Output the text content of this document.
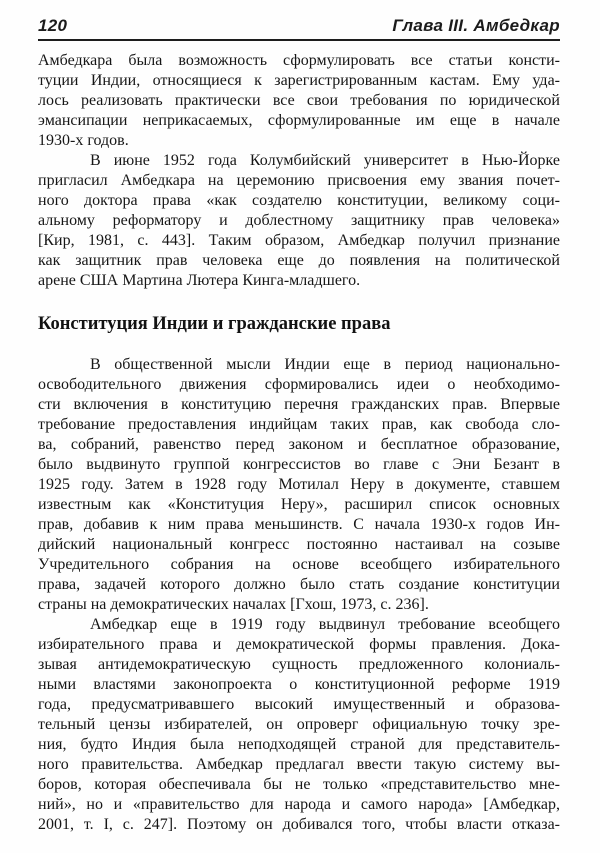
120	Глава III. Амбедкар
Амбедкара была возможность сформулировать все статьи консти-
туции Индии, относящиеся к зарегистрированным кастам. Ему уда-
лось реализовать практически все свои требования по юридической
эмансипации неприкасаемых, сформулированные им еще в начале
1930-х годов.
В июне 1952 года Колумбийский университет в Нью-Йорке
пригласил Амбедкара на церемонию присвоения ему звания почет-
ного доктора права «как создателю конституции, великому соци-
альному реформатору и доблестному защитнику прав человека»
[Кир, 1981, с. 443]. Таким образом, Амбедкар получил признание
как защитник прав человека еще до появления на политической
арене США Мартина Лютера Кинга-младшего.
Конституция Индии и гражданские права
В общественной мысли Индии еще в период национально-
освободительного движения сформировались идеи о необходимо-
сти включения в конституцию перечня гражданских прав. Впервые
требование предоставления индийцам таких прав, как свобода сло-
ва, собраний, равенство перед законом и бесплатное образование,
было выдвинуто группой конгрессистов во главе с Эни Безант в
1925 году. Затем в 1928 году Мотилал Неру в документе, ставшем
известным как «Конституция Неру», расширил список основных
прав, добавив к ним права меньшинств. С начала 1930-х годов Ин-
дийский национальный конгресс постоянно настаивал на созыве
Учредительного собрания на основе всеобщего избирательного
права, задачей которого должно было стать создание конституции
страны на демократических началах [Гхош, 1973, с. 236].
Амбедкар еще в 1919 году выдвинул требование всеобщего
избирательного права и демократической формы правления. Дока-
зывая антидемократическую сущность предложенного колониаль-
ными властями законопроекта о конституционной реформе 1919
года, предусматривавшего высокий имущественный и образова-
тельный цензы избирателей, он опроверг официальную точку зре-
ния, будто Индия была неподходящей страной для представитель-
ного правительства. Амбедкар предлагал ввести такую систему вы-
боров, которая обеспечивала бы не только «представительство мне-
ний», но и «правительство для народа и самого народа» [Амбедкар,
2001, т. I, с. 247]. Поэтому он добивался того, чтобы власти отказа-
